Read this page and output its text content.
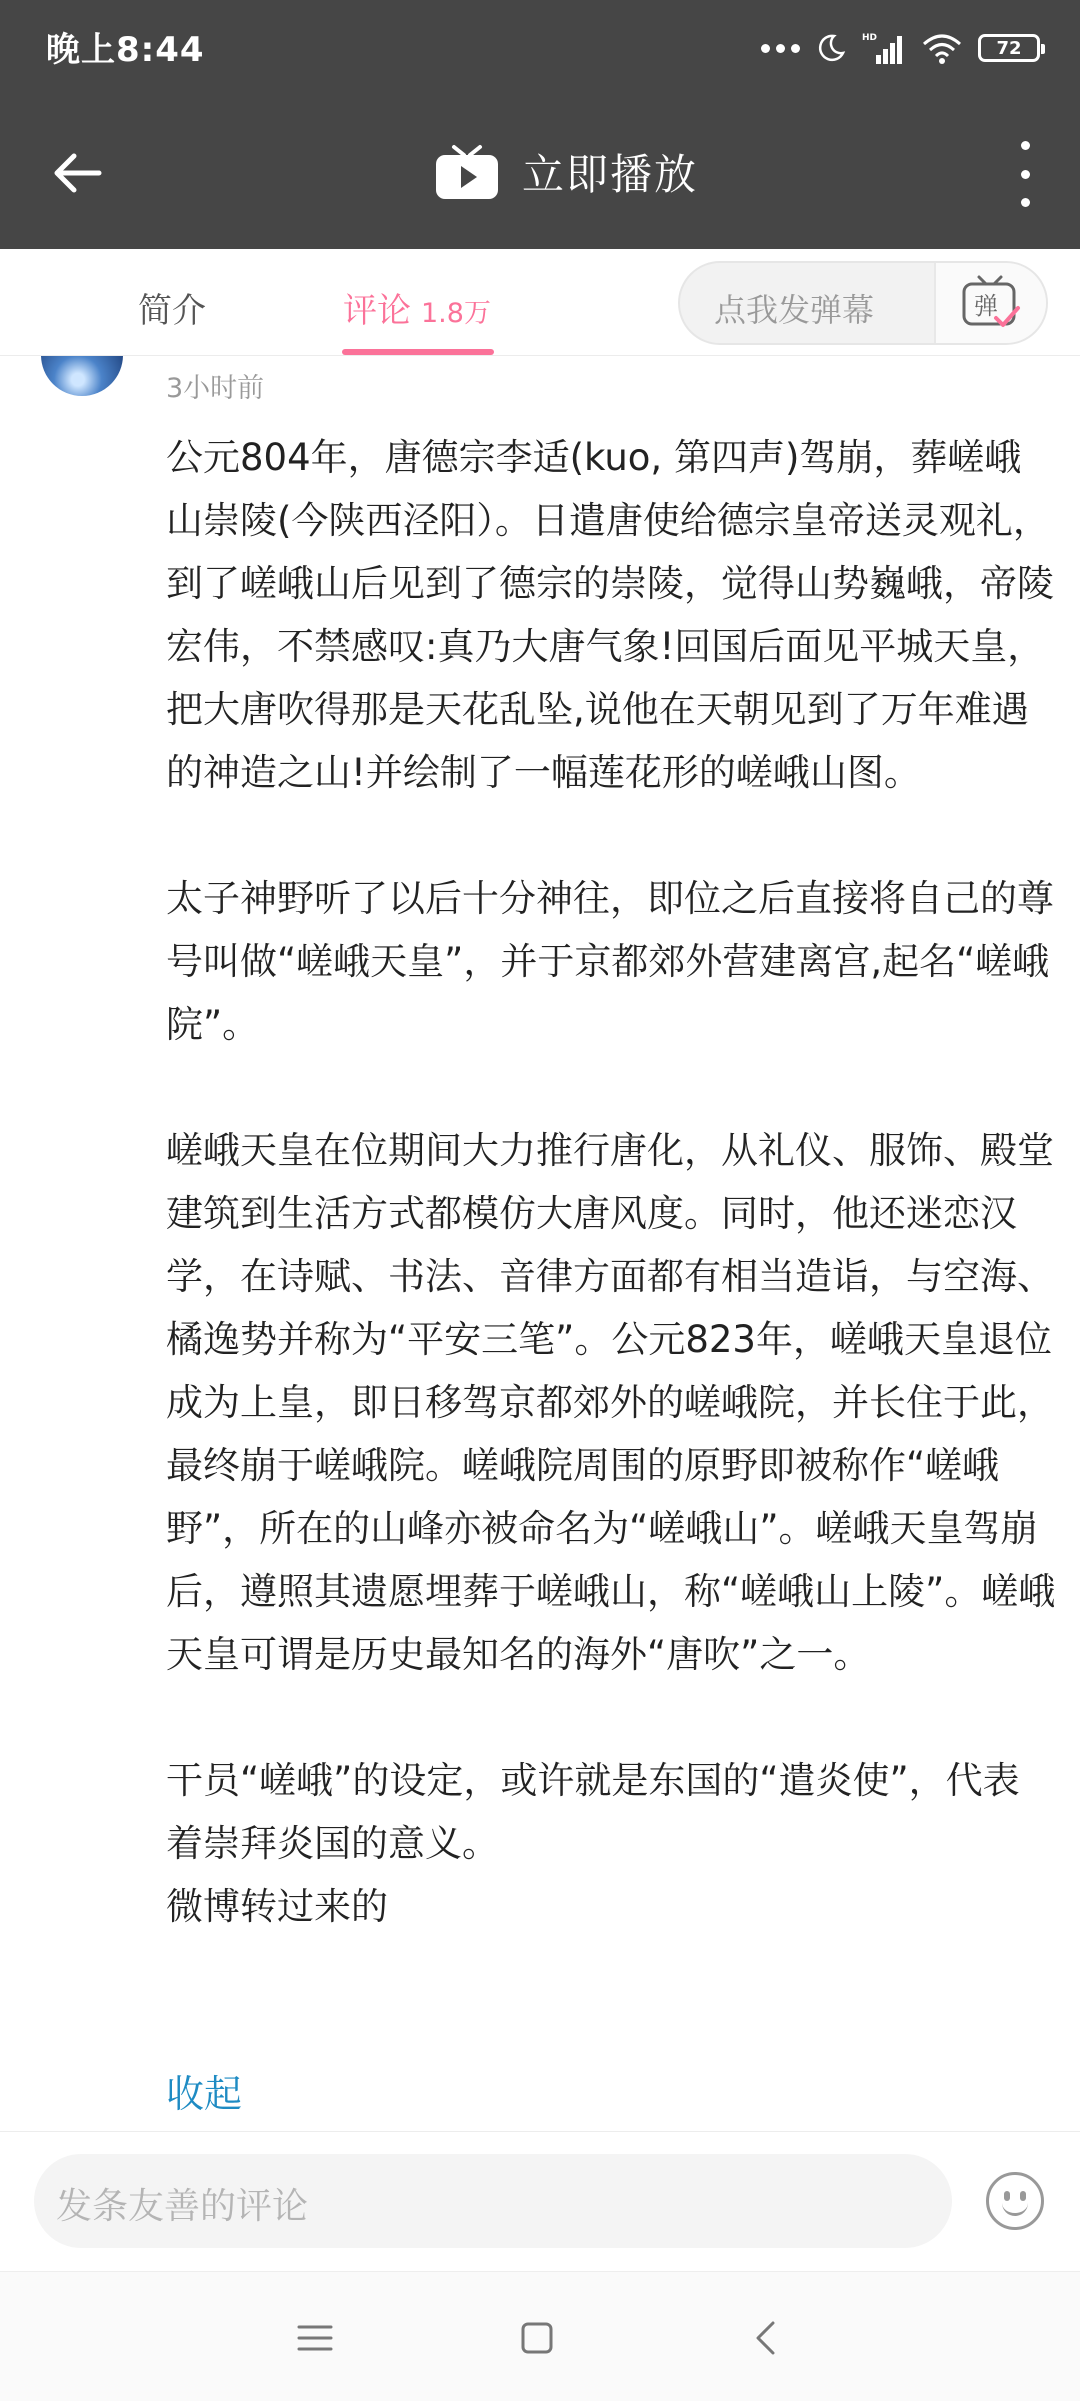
晚上8:44	HD	72
立即播放
简介	评论 1.8万	点我发弹幕	弹
3小时前

公元804年，唐德宗李适(kuo, 第四声)驾崩，葬嵯峨山崇陵(今陕西泾阳）。日遣唐使给德宗皇帝送灵观礼，到了嵯峨山后见到了德宗的崇陵，觉得山势巍峨，帝陵宏伟，不禁感叹:真乃大唐气象!回国后面见平城天皇，把大唐吹得那是天花乱坠,说他在天朝见到了万年难遇的神造之山!并绘制了一幅莲花形的嵯峨山图。

太子神野听了以后十分神往，即位之后直接将自己的尊号叫做“嵯峨天皇”，并于京都郊外营建离宫,起名“嵯峨院”。

嵯峨天皇在位期间大力推行唐化，从礼仪、服饰、殿堂建筑到生活方式都模仿大唐风度。同时，他还迷恋汉学，在诗赋、书法、音律方面都有相当造诣，与空海、橘逸势并称为“平安三笔”。公元823年，嵯峨天皇退位成为上皇，即日移驾京都郊外的嵯峨院，并长住于此，最终崩于嵯峨院。嵯峨院周围的原野即被称作“嵯峨野”，所在的山峰亦被命名为“嵯峨山”。嵯峨天皇驾崩后，遵照其遗愿埋葬于嵯峨山，称“嵯峨山上陵”。嵯峨天皇可谓是历史最知名的海外“唐吹”之一。

干员“嵯峨”的设定，或许就是东国的“遣炎使”，代表着崇拜炎国的意义。

微博转过来的

收起
发条友善的评论
